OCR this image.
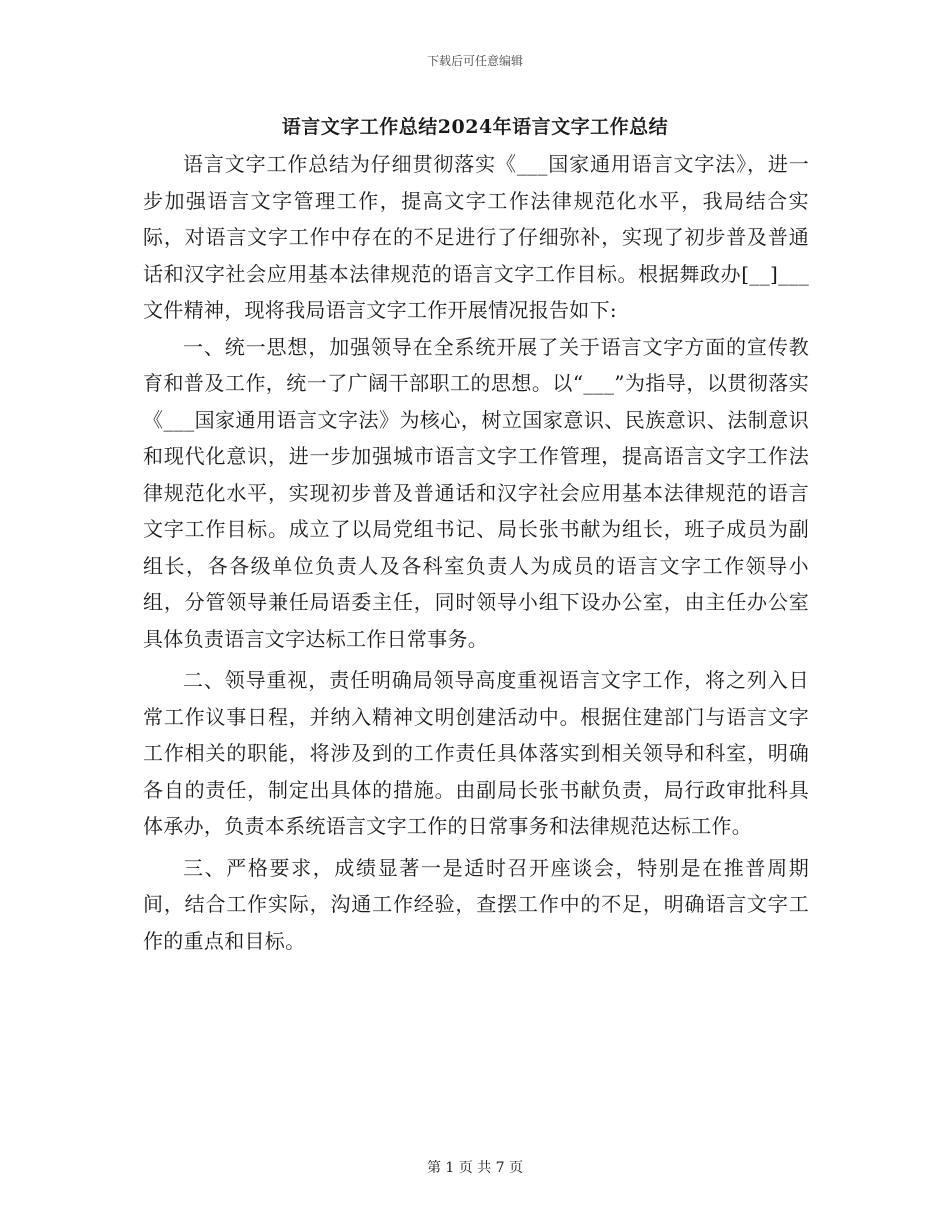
下载后可任意编辑
语言文字工作总结2024年语言文字工作总结

语言文字工作总结为仔细贯彻落实《___国家通用语言文字法》，进一步加强语言文字管理工作，提高文字工作法律规范化水平，我局结合实际，对语言文字工作中存在的不足进行了仔细弥补，实现了初步普及普通话和汉字社会应用基本法律规范的语言文字工作目标。根据舞政办[__]___文件精神，现将我局语言文字工作开展情况报告如下:

一、统一思想，加强领导在全系统开展了关于语言文字方面的宣传教育和普及工作，统一了广阔干部职工的思想。以“___”为指导，以贯彻落实《___国家通用语言文字法》为核心，树立国家意识、民族意识、法制意识和现代化意识，进一步加强城市语言文字工作管理，提高语言文字工作法律规范化水平，实现初步普及普通话和汉字社会应用基本法律规范的语言文字工作目标。成立了以局党组书记、局长张书献为组长，班子成员为副组长，各各级单位负责人及各科室负责人为成员的语言文字工作领导小组，分管领导兼任局语委主任，同时领导小组下设办公室，由主任办公室具体负责语言文字达标工作日常事务。

二、领导重视，责任明确局领导高度重视语言文字工作，将之列入日常工作议事日程，并纳入精神文明创建活动中。根据住建部门与语言文字工作相关的职能，将涉及到的工作责任具体落实到相关领导和科室，明确各自的责任，制定出具体的措施。由副局长张书献负责，局行政审批科具体承办，负责本系统语言文字工作的日常事务和法律规范达标工作。

三、严格要求，成绩显著一是适时召开座谈会，特别是在推普周期间，结合工作实际，沟通工作经验，查摆工作中的不足，明确语言文字工作的重点和目标。

第 1 页 共 7 页
